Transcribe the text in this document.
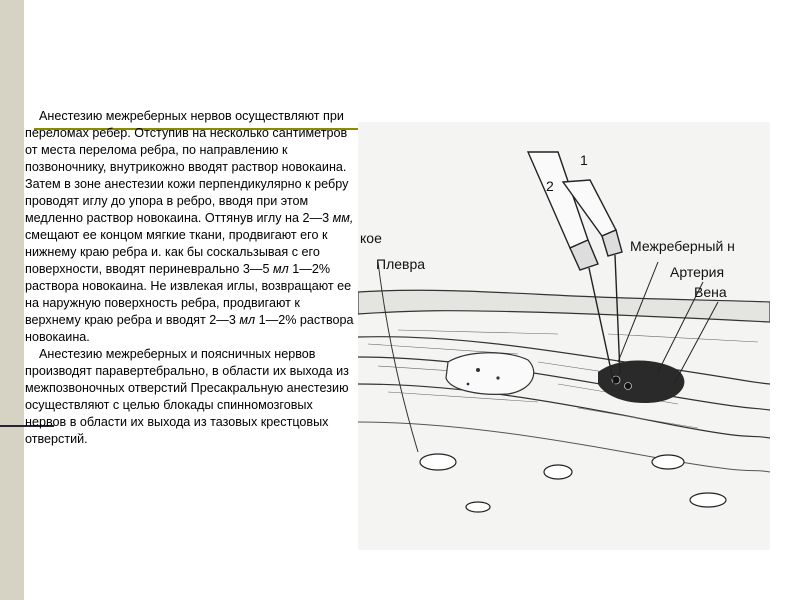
Анестезию межреберных нервов осуществляют при переломах ребер. Отступив на несколько сантиметров от места перелома ребра, по направлению к позвоночнику, внутрикожно вводят раствор новокаина. Затем в зоне анестезии кожи перпендикулярно к ребру проводят иглу до упора в ребро, вводя при этом медленно раствор новокаина. Оттянув иглу на 2—3 мм, смещают ее концом мягкие ткани, продвигают его к нижнему краю ребра и. как бы соскальзывая с его поверхности, вводят периневрально 3—5 мл 1—2% раствора новокаина. Не извлекая иглы, возвращают ее на наружную поверхность ребра, продвигают к верхнему краю ребра и вводят 2—3 мл 1—2% раствора новокаина.

Анестезию межреберных и поясничных нервов производят паравертебрально, в области их выхода из межпозвоночных отверстий Пресакральную анестезию осуществляют с целью блокады спинномозговых нервов в области их выхода из тазовых крестцовых отверстий.

кое
Плевра
1
2
Межреберный н
Артерия
Вена
